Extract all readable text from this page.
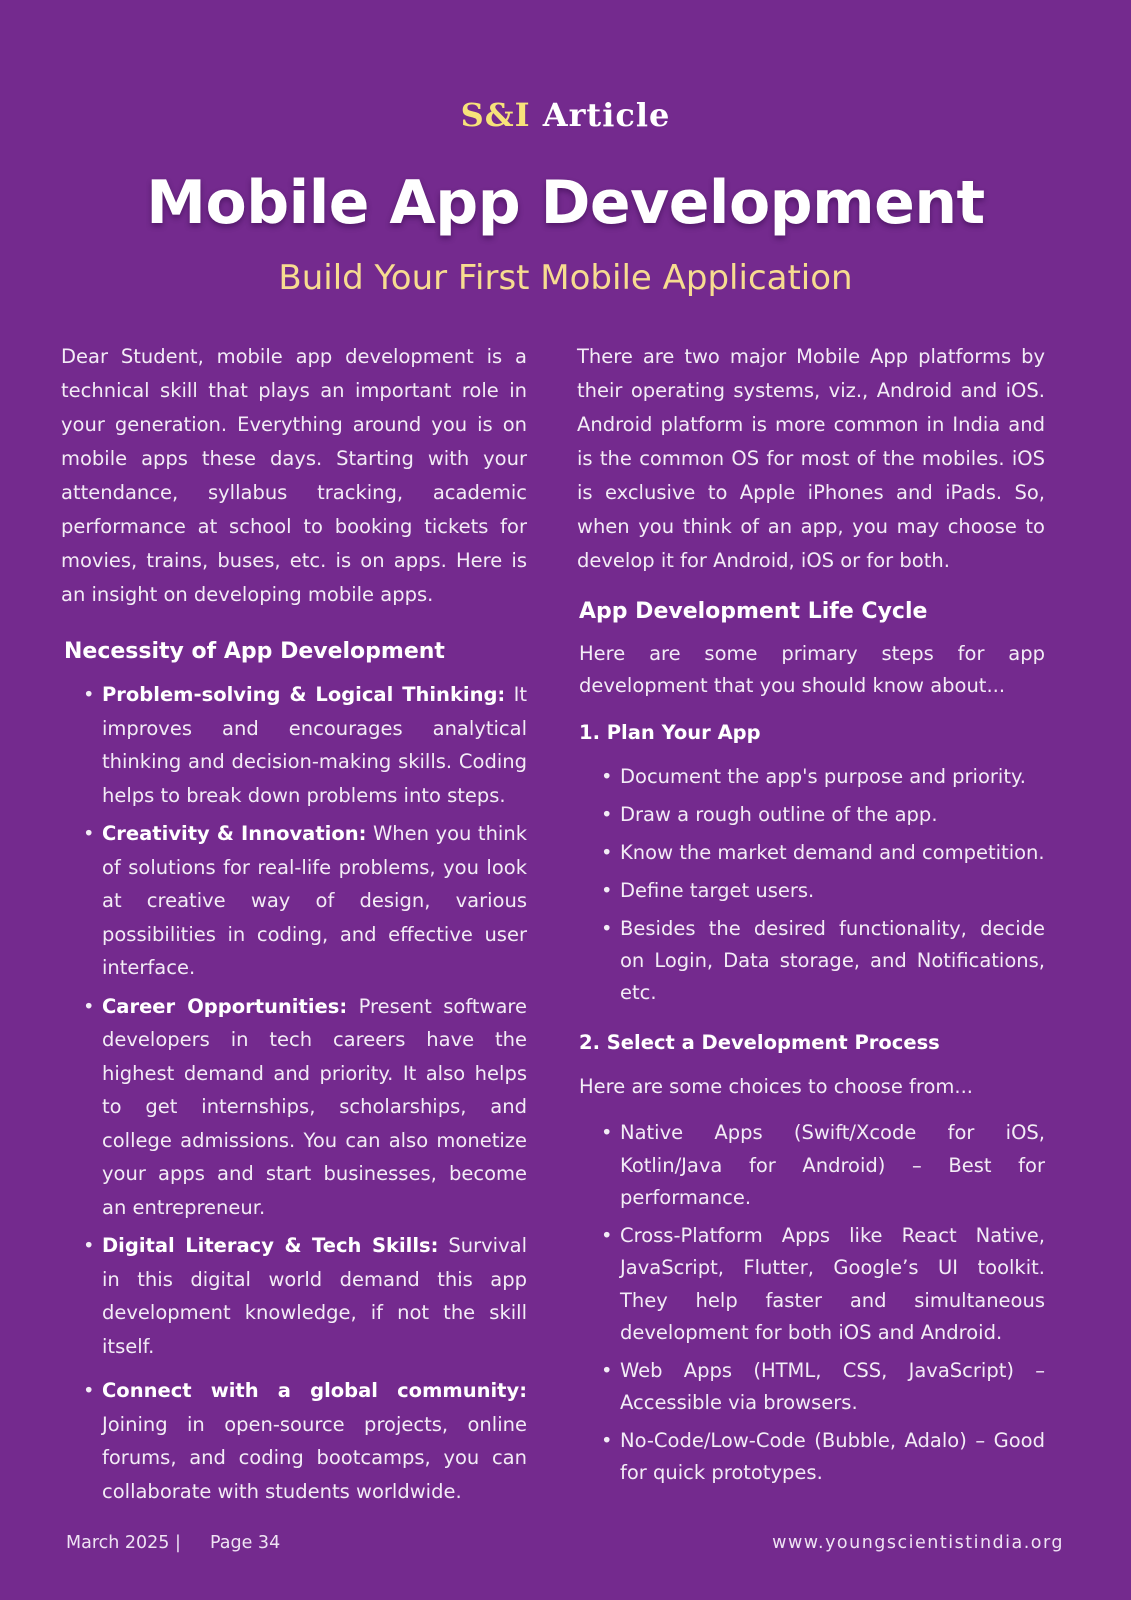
S&I Article
Mobile App Development
Build Your First Mobile Application

Dear Student, mobile app development is a technical skill that plays an important role in your generation. Everything around you is on mobile apps these days. Starting with your attendance, syllabus tracking, academic performance at school to booking tickets for movies, trains, buses, etc. is on apps. Here is an insight on developing mobile apps.

Necessity of App Development
• Problem-solving & Logical Thinking: It improves and encourages analytical thinking and decision-making skills. Coding helps to break down problems into steps.
• Creativity & Innovation: When you think of solutions for real-life problems, you look at creative way of design, various possibilities in coding, and effective user interface.
• Career Opportunities: Present software developers in tech careers have the highest demand and priority. It also helps to get internships, scholarships, and college admissions. You can also monetize your apps and start businesses, become an entrepreneur.
• Digital Literacy & Tech Skills: Survival in this digital world demand this app development knowledge, if not the skill itself.
• Connect with a global community: Joining in open-source projects, online forums, and coding bootcamps, you can collaborate with students worldwide.

There are two major Mobile App platforms by their operating systems, viz., Android and iOS. Android platform is more common in India and is the common OS for most of the mobiles. iOS is exclusive to Apple iPhones and iPads. So, when you think of an app, you may choose to develop it for Android, iOS or for both.

App Development Life Cycle

Here are some primary steps for app development that you should know about...

1. Plan Your App
• Document the app's purpose and priority.
• Draw a rough outline of the app.
• Know the market demand and competition.
• Define target users.
• Besides the desired functionality, decide on Login, Data storage, and Notifications, etc.
2. Select a Development Process

Here are some choices to choose from...

• Native Apps (Swift/Xcode for iOS, Kotlin/Java for Android) – Best for performance.
• Cross-Platform Apps like React Native, JavaScript, Flutter, Google’s UI toolkit. They help faster and simultaneous development for both iOS and Android.
• Web Apps (HTML, CSS, JavaScript) – Accessible via browsers.
• No-Code/Low-Code (Bubble, Adalo) – Good for quick prototypes.
March 2025 | Page 34	www.youngscientistindia.org
